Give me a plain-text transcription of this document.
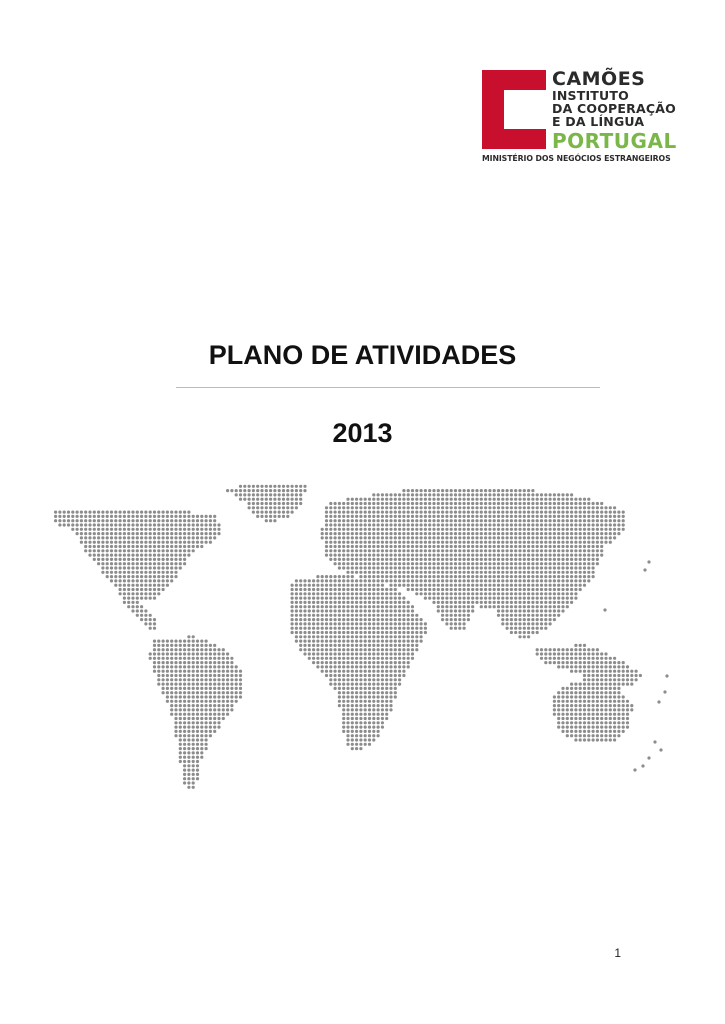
CAMÕES
INSTITUTO
DA COOPERAÇÃO
E DA LÍNGUA
PORTUGAL
MINISTÉRIO DOS NEGÓCIOS ESTRANGEIROS
PLANO DE ATIVIDADES
2013
1
